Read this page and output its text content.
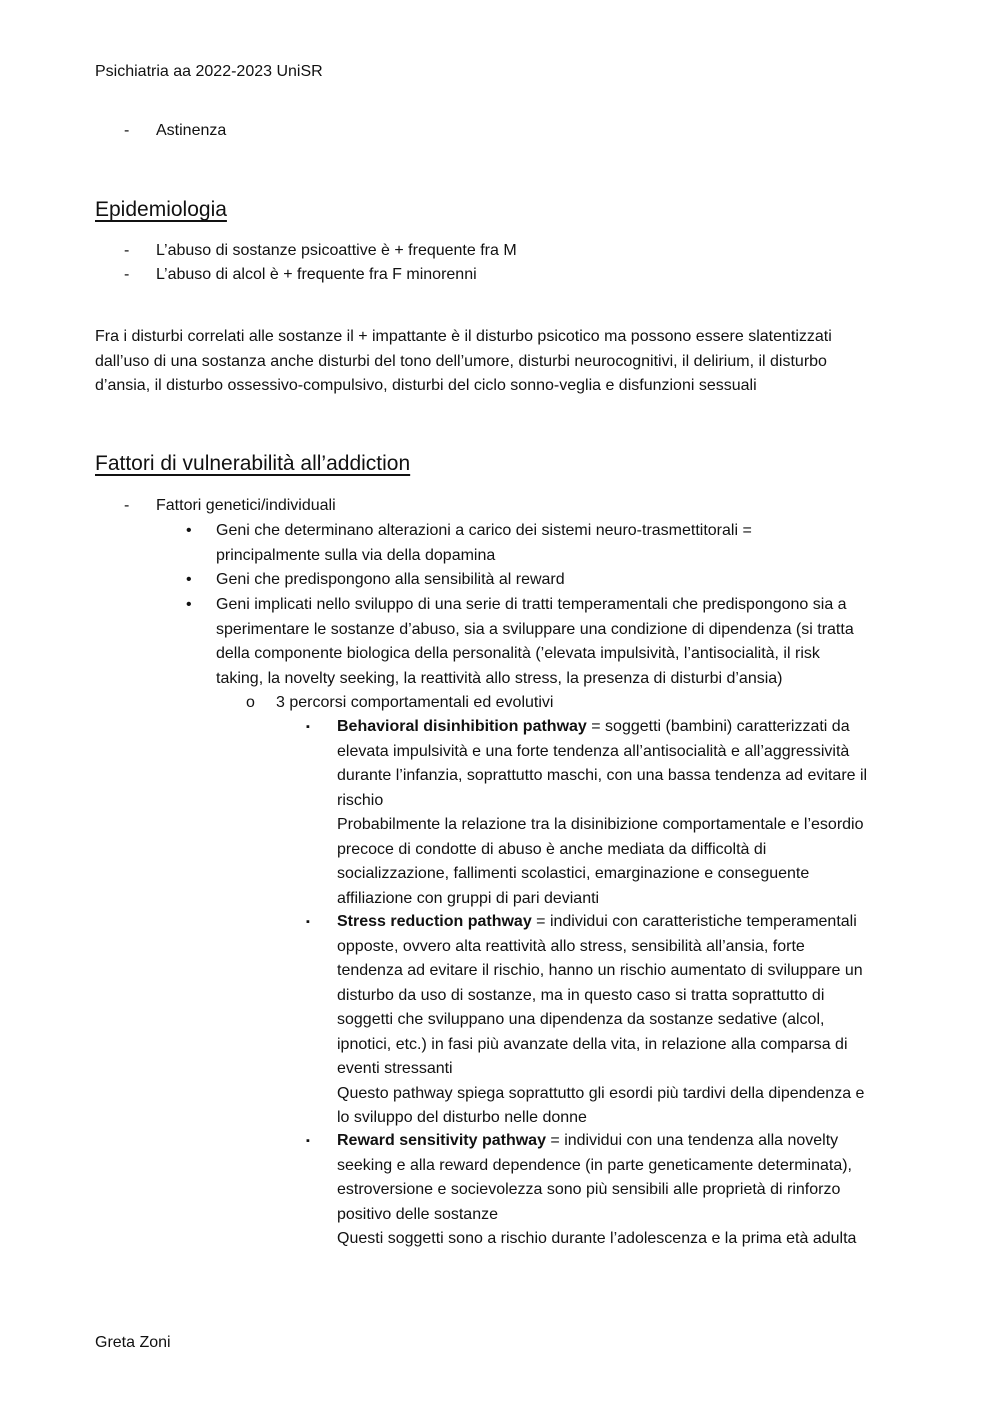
Psichiatria aa 2022-2023 UniSR
- Astinenza
Epidemiologia
- L’abuso di sostanze psicoattive è + frequente fra M
- L’abuso di alcol è + frequente fra F minorenni
Fra i disturbi correlati alle sostanze il + impattante è il disturbo psicotico ma possono essere slatentizzati
dall’uso di una sostanza anche disturbi del tono dell’umore, disturbi neurocognitivi, il delirium, il disturbo
d’ansia, il disturbo ossessivo-compulsivo, disturbi del ciclo sonno-veglia e disfunzioni sessuali
Fattori di vulnerabilità all’addiction
- Fattori genetici/individuali
• Geni che determinano alterazioni a carico dei sistemi neuro-trasmettitorali =
principalmente sulla via della dopamina
• Geni che predispongono alla sensibilità al reward
• Geni implicati nello sviluppo di una serie di tratti temperamentali che predispongono sia a
sperimentare le sostanze d’abuso, sia a sviluppare una condizione di dipendenza (si tratta
della componente biologica della personalità (’elevata impulsività, l’antisocialità, il risk
taking, la novelty seeking, la reattività allo stress, la presenza di disturbi d’ansia)
o 3 percorsi comportamentali ed evolutivi
▪ Behavioral disinhibition pathway = soggetti (bambini) caratterizzati da
elevata impulsività e una forte tendenza all’antisocialità e all’aggressività
durante l’infanzia, soprattutto maschi, con una bassa tendenza ad evitare il
rischio
Probabilmente la relazione tra la disinibizione comportamentale e l’esordio
precoce di condotte di abuso è anche mediata da difficoltà di
socializzazione, fallimenti scolastici, emarginazione e conseguente
affiliazione con gruppi di pari devianti
▪ Stress reduction pathway = individui con caratteristiche temperamentali
opposte, ovvero alta reattività allo stress, sensibilità all’ansia, forte
tendenza ad evitare il rischio, hanno un rischio aumentato di sviluppare un
disturbo da uso di sostanze, ma in questo caso si tratta soprattutto di
soggetti che sviluppano una dipendenza da sostanze sedative (alcol,
ipnotici, etc.) in fasi più avanzate della vita, in relazione alla comparsa di
eventi stressanti
Questo pathway spiega soprattutto gli esordi più tardivi della dipendenza e
lo sviluppo del disturbo nelle donne
▪ Reward sensitivity pathway = individui con una tendenza alla novelty
seeking e alla reward dependence (in parte geneticamente determinata),
estroversione e socievolezza sono più sensibili alle proprietà di rinforzo
positivo delle sostanze
Questi soggetti sono a rischio durante l’adolescenza e la prima età adulta
Greta Zoni
